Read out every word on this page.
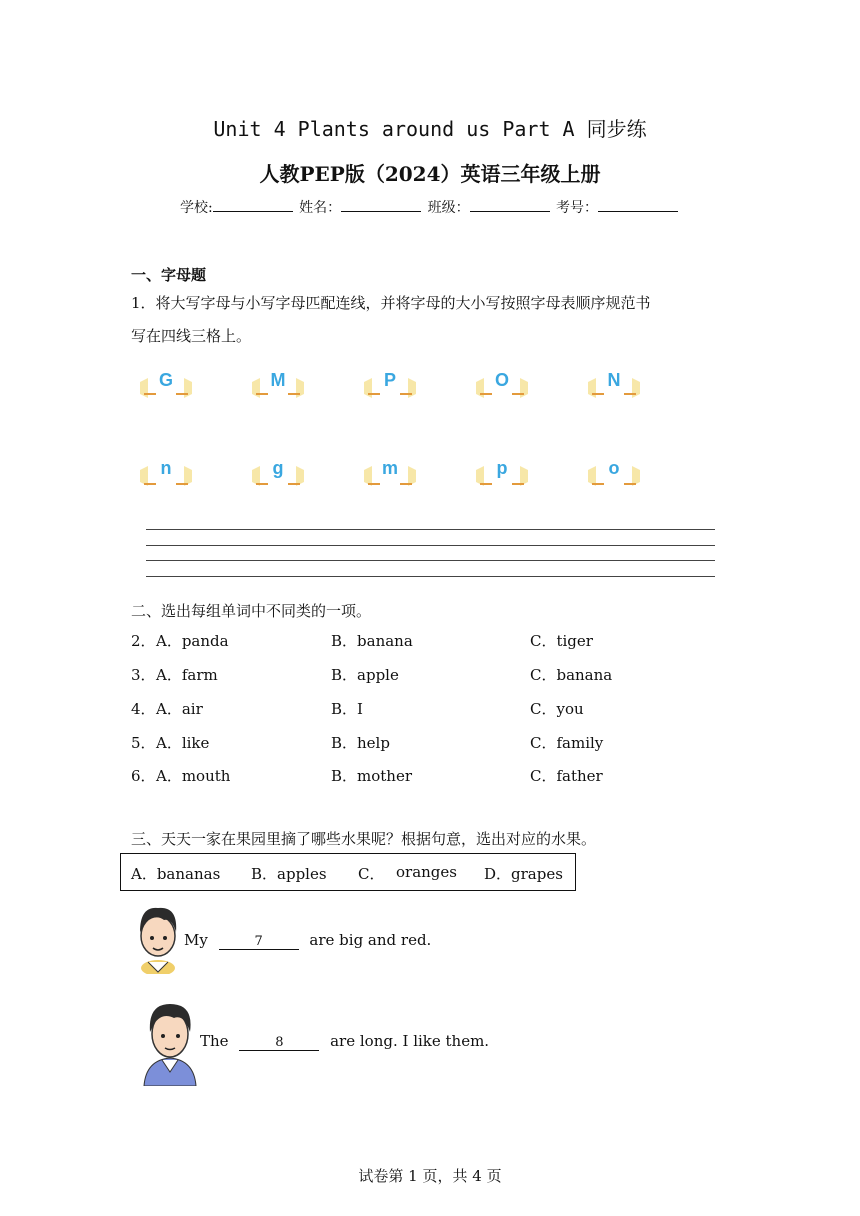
Unit 4 Plants around us Part A 同步练
人教PEP版（2024）英语三年级上册
学校:	姓名：	班级：	考号：
一、字母题
1．将大写字母与小写字母匹配连线，并将字母的大小写按照字母表顺序规范书
写在四线三格上。
G	M	P	O	N
n	g	m	p	o
二、选出每组单词中不同类的一项。
2． A．panda	B．banana	C．tiger
3． A．farm	B．apple	C．banana
4． A．air	B．I	C．you
5． A．like	B．help	C．family
6． A．mouth	B．mother	C．father
三、天天一家在果园里摘了哪些水果呢？根据句意，选出对应的水果。
A．bananas B．apples C． oranges D．grapes
My	7	are big and red.
The	8	are long. I like them.
试卷第 1 页，共 4 页
